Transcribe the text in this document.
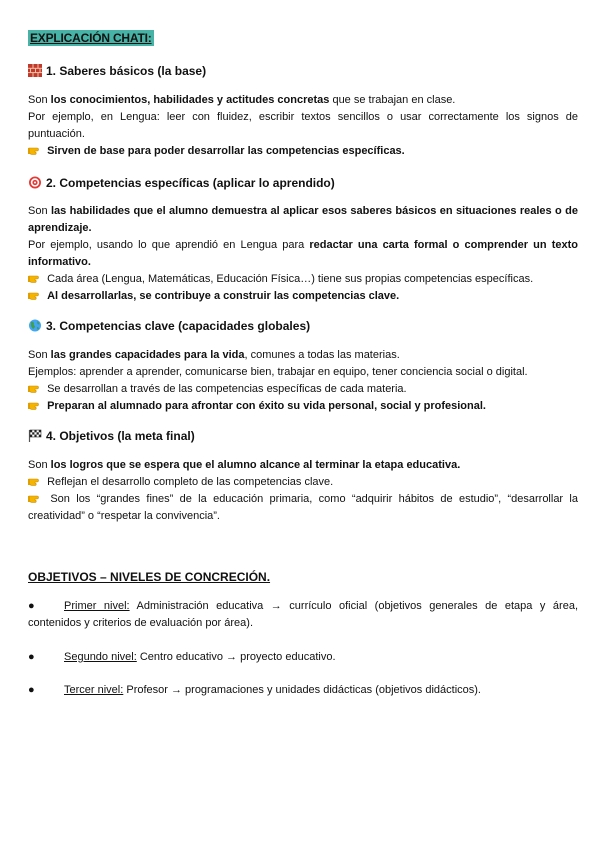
EXPLICACIÓN CHATI:
1. Saberes básicos (la base)
Son los conocimientos, habilidades y actitudes concretas que se trabajan en clase.
Por ejemplo, en Lengua: leer con fluidez, escribir textos sencillos o usar correctamente los signos de
puntuación.
Sirven de base para poder desarrollar las competencias específicas.
2. Competencias específicas (aplicar lo aprendido)
Son las habilidades que el alumno demuestra al aplicar esos saberes básicos en situaciones reales o de
aprendizaje.
Por ejemplo, usando lo que aprendió en Lengua para redactar una carta formal o comprender un texto
informativo.
Cada área (Lengua, Matemáticas, Educación Física…) tiene sus propias competencias específicas.
Al desarrollarlas, se contribuye a construir las competencias clave.
3. Competencias clave (capacidades globales)
Son las grandes capacidades para la vida, comunes a todas las materias.
Ejemplos: aprender a aprender, comunicarse bien, trabajar en equipo, tener conciencia social o digital.
Se desarrollan a través de las competencias específicas de cada materia.
Preparan al alumnado para afrontar con éxito su vida personal, social y profesional.
4. Objetivos (la meta final)
Son los logros que se espera que el alumno alcance al terminar la etapa educativa.
Reflejan el desarrollo completo de las competencias clave.
Son los “grandes fines” de la educación primaria, como “adquirir hábitos de estudio”, “desarrollar la
creatividad” o “respetar la convivencia”.
OBJETIVOS – NIVELES DE CONCRECIÓN.
●	Primer nivel: Administración educativa → currículo oficial (objetivos generales de etapa y área,
contenidos y criterios de evaluación por área).
●	Segundo nivel: Centro educativo → proyecto educativo.
●	Tercer nivel: Profesor → programaciones y unidades didácticas (objetivos didácticos).
